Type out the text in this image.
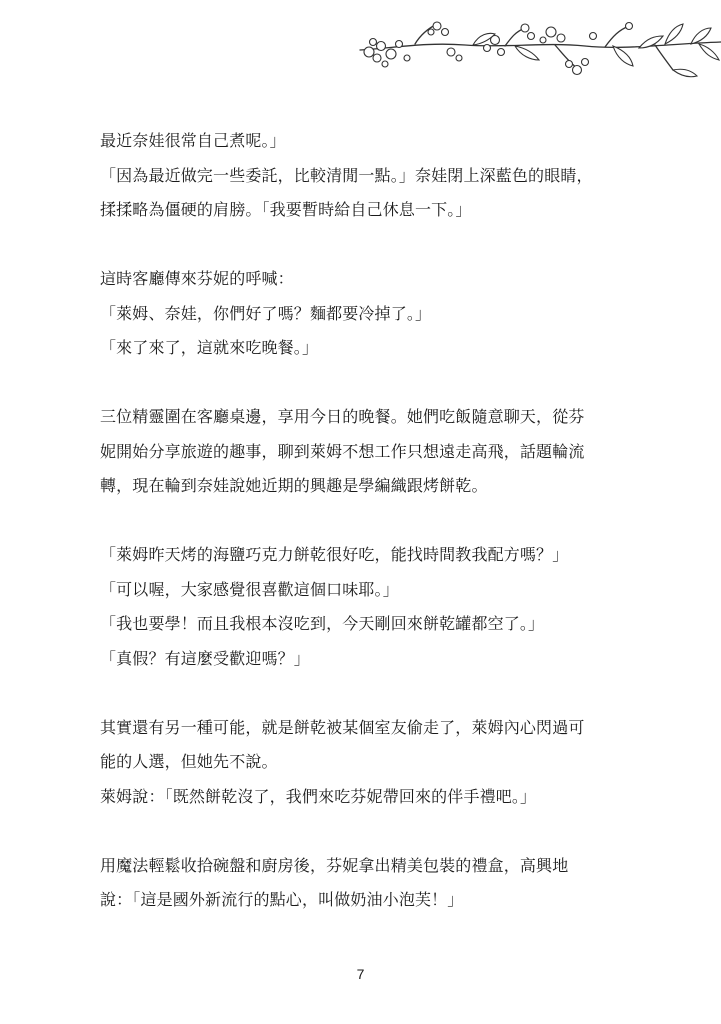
最近奈娃很常自己煮呢。」
「因為最近做完一些委託，比較清閒一點。」奈娃閉上深藍色的眼睛，
揉揉略為僵硬的肩膀。「我要暫時給自己休息一下。」
這時客廳傳來芬妮的呼喊：
「萊姆、奈娃，你們好了嗎？麵都要冷掉了。」
「來了來了，這就來吃晚餐。」
三位精靈圍在客廳桌邊，享用今日的晚餐。她們吃飯隨意聊天，從芬
妮開始分享旅遊的趣事，聊到萊姆不想工作只想遠走高飛，話題輪流
轉，現在輪到奈娃說她近期的興趣是學編織跟烤餅乾。
「萊姆昨天烤的海鹽巧克力餅乾很好吃，能找時間教我配方嗎？」
「可以喔，大家感覺很喜歡這個口味耶。」
「我也要學！而且我根本沒吃到，今天剛回來餅乾罐都空了。」
「真假？有這麼受歡迎嗎？」
其實還有另一種可能，就是餅乾被某個室友偷走了，萊姆內心閃過可
能的人選，但她先不說。
萊姆說：「既然餅乾沒了，我們來吃芬妮帶回來的伴手禮吧。」
用魔法輕鬆收拾碗盤和廚房後，芬妮拿出精美包裝的禮盒，高興地
說：「這是國外新流行的點心，叫做奶油小泡芙！」
7
